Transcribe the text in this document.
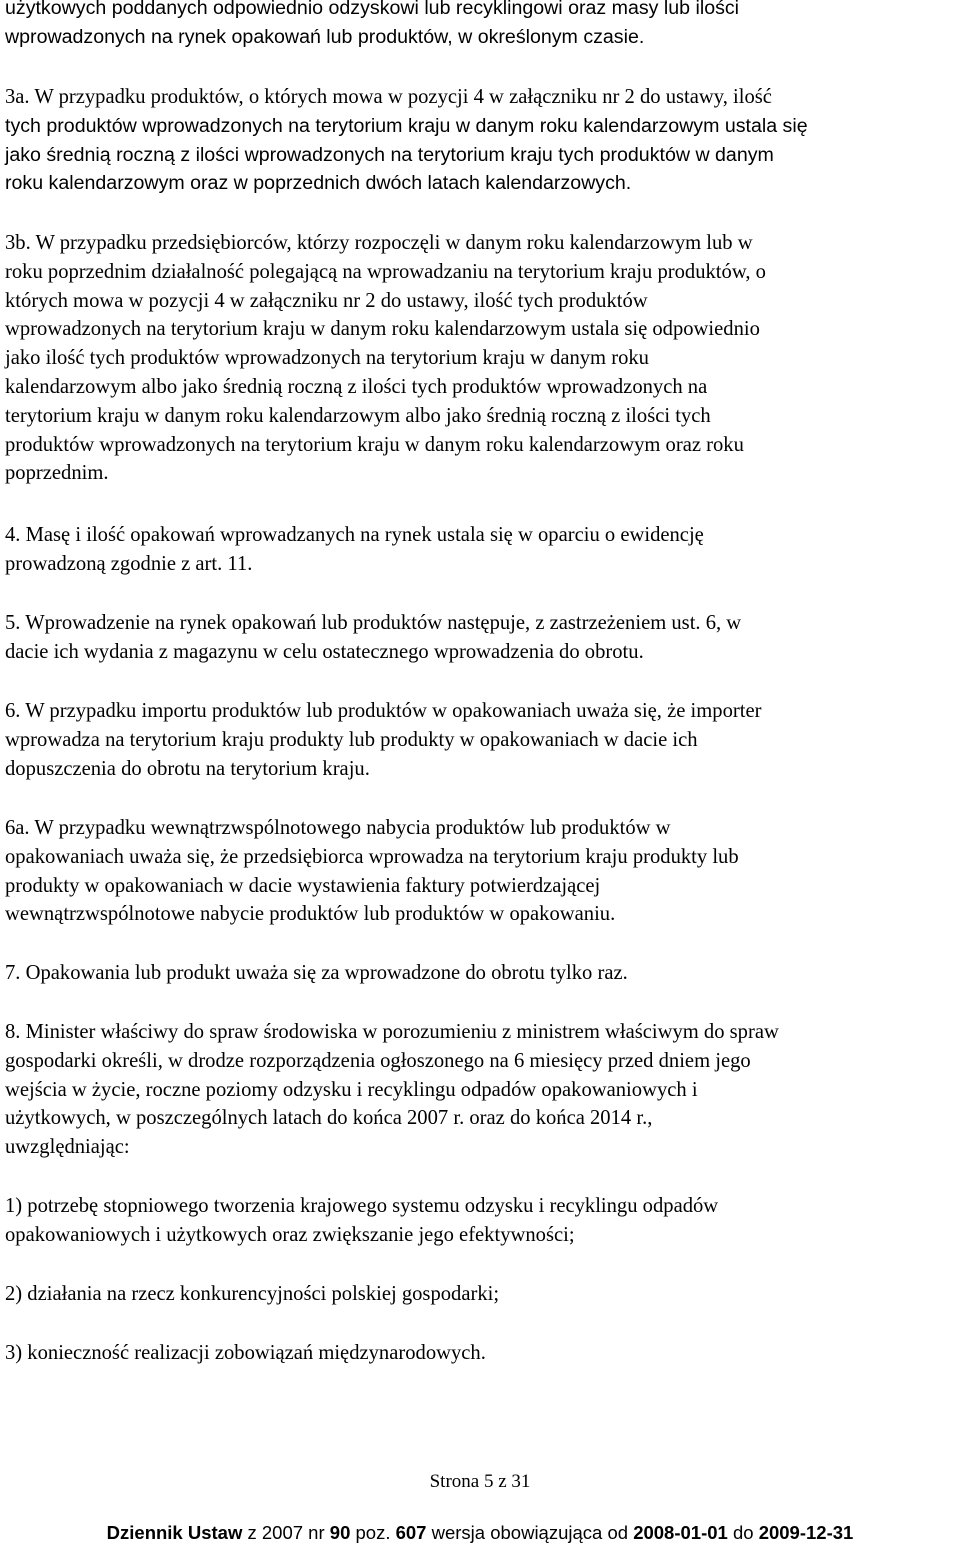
użytkowych poddanych odpowiednio odzyskowi lub recyklingowi oraz masy lub ilości
wprowadzonych na rynek opakowań lub produktów, w określonym czasie.
3a. W przypadku produktów, o których mowa w pozycji 4 w załączniku nr 2 do ustawy, ilość
tych produktów wprowadzonych na terytorium kraju w danym roku kalendarzowym ustala się
jako średnią roczną z ilości wprowadzonych na terytorium kraju tych produktów w danym
roku kalendarzowym oraz w poprzednich dwóch latach kalendarzowych.
3b. W przypadku przedsiębiorców, którzy rozpoczęli w danym roku kalendarzowym lub w
roku poprzednim działalność polegającą na wprowadzaniu na terytorium kraju produktów, o
których mowa w pozycji 4 w załączniku nr 2 do ustawy, ilość tych produktów
wprowadzonych na terytorium kraju w danym roku kalendarzowym ustala się odpowiednio
jako ilość tych produktów wprowadzonych na terytorium kraju w danym roku
kalendarzowym albo jako średnią roczną z ilości tych produktów wprowadzonych na
terytorium kraju w danym roku kalendarzowym albo jako średnią roczną z ilości tych
produktów wprowadzonych na terytorium kraju w danym roku kalendarzowym oraz roku
poprzednim.
4. Masę i ilość opakowań wprowadzanych na rynek ustala się w oparciu o ewidencję
prowadzoną zgodnie z art. 11.
5. Wprowadzenie na rynek opakowań lub produktów następuje, z zastrzeżeniem ust. 6, w
dacie ich wydania z magazynu w celu ostatecznego wprowadzenia do obrotu.
6. W przypadku importu produktów lub produktów w opakowaniach uważa się, że importer
wprowadza na terytorium kraju produkty lub produkty w opakowaniach w dacie ich
dopuszczenia do obrotu na terytorium kraju.
6a. W przypadku wewnątrzwspólnotowego nabycia produktów lub produktów w
opakowaniach uważa się, że przedsiębiorca wprowadza na terytorium kraju produkty lub
produkty w opakowaniach w dacie wystawienia faktury potwierdzającej
wewnątrzwspólnotowe nabycie produktów lub produktów w opakowaniu.
7. Opakowania lub produkt uważa się za wprowadzone do obrotu tylko raz.
8. Minister właściwy do spraw środowiska w porozumieniu z ministrem właściwym do spraw
gospodarki określi, w drodze rozporządzenia ogłoszonego na 6 miesięcy przed dniem jego
wejścia w życie, roczne poziomy odzysku i recyklingu odpadów opakowaniowych i
użytkowych, w poszczególnych latach do końca 2007 r. oraz do końca 2014 r.,
uwzględniając:
1) potrzebę stopniowego tworzenia krajowego systemu odzysku i recyklingu odpadów
opakowaniowych i użytkowych oraz zwiększanie jego efektywności;
2) działania na rzecz konkurencyjności polskiej gospodarki;
3) konieczność realizacji zobowiązań międzynarodowych.
Strona 5 z 31
Dziennik Ustaw z 2007 nr 90 poz. 607 wersja obowiązująca od 2008-01-01 do 2009-12-31
